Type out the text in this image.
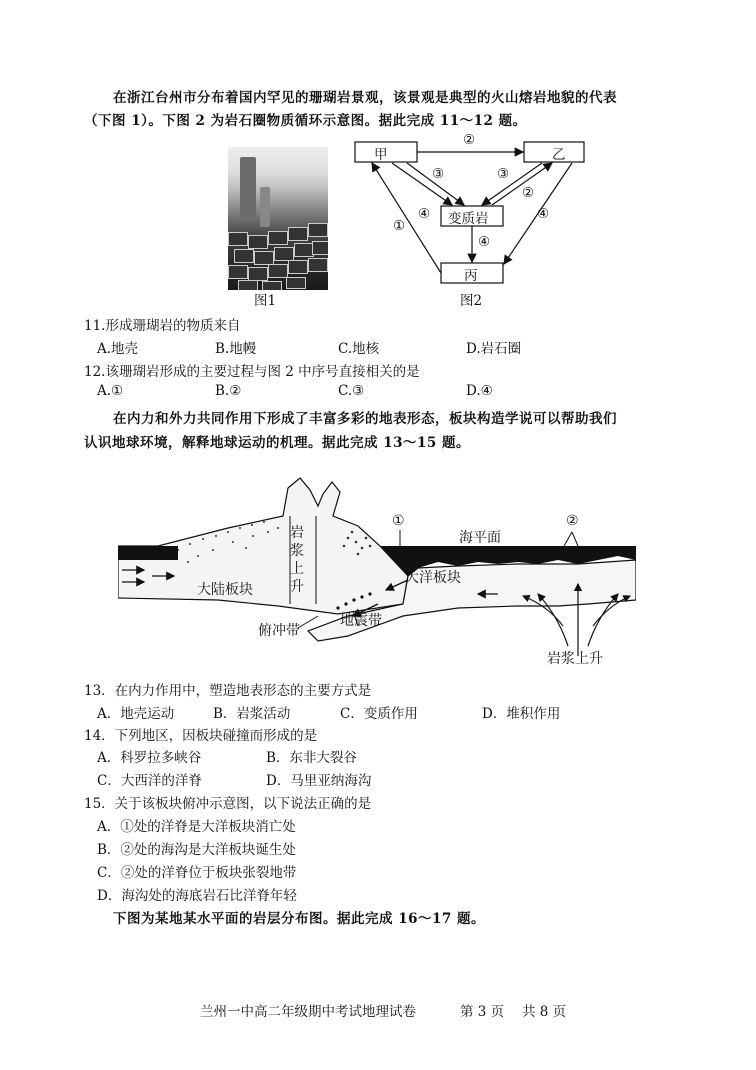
在浙江台州市分布着国内罕见的珊瑚岩景观，该景观是典型的火山熔岩地貌的代表
（下图 1）。下图 2 为岩石圈物质循环示意图。据此完成 11～12 题。
图1
甲	乙
变质岩
丙
②
①
③
④
③
②
④
④
图2
11.形成珊瑚岩的物质来自
A.地壳	B.地幔	C.地核	D.岩石圈
12.该珊瑚岩形成的主要过程与图 2 中序号直接相关的是
A.①	B.②	C.③	D.④
在内力和外力共同作用下形成了丰富多彩的地表形态，板块构造学说可以帮助我们
认识地球环境，解释地球运动的机理。据此完成 13～15 题。
岩
浆
上
升
海平面
大陆板块
大洋板块
俯冲带
地震带
岩浆上升
①	②
13．在内力作用中，塑造地表形态的主要方式是
A．地壳运动	B．岩浆活动	C．变质作用	D．堆积作用
14．下列地区，因板块碰撞而形成的是
A．科罗拉多峡谷	B．东非大裂谷
C．大西洋的洋脊	D．马里亚纳海沟
15．关于该板块俯冲示意图，以下说法正确的是
A．①处的洋脊是大洋板块消亡处
B．②处的海沟是大洋板块诞生处
C．②处的洋脊位于板块张裂地带
D．海沟处的海底岩石比洋脊年轻
下图为某地某水平面的岩层分布图。据此完成 16～17 题。
兰州一中高二年级期中考试地理试卷	第 3 页 共 8 页
